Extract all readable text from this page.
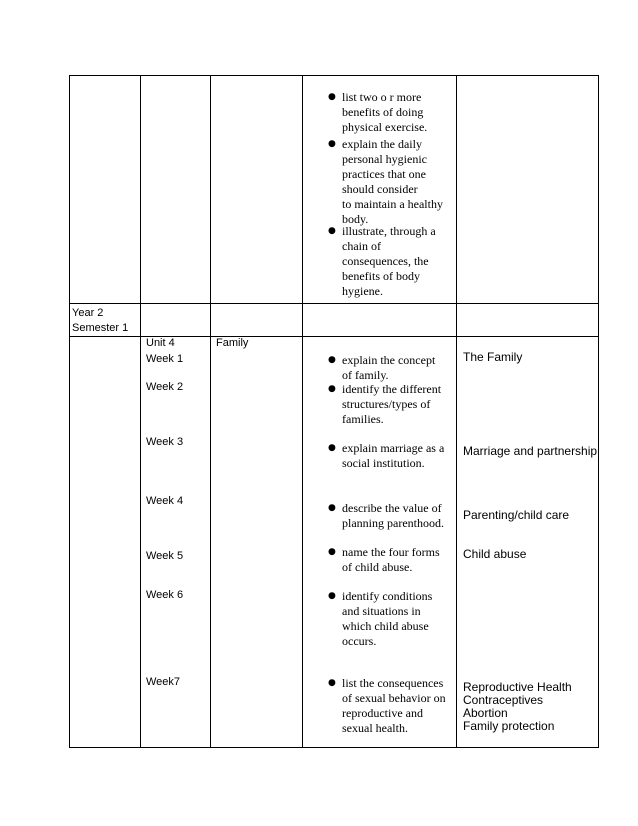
● list two o r more
benefits of doing
physical exercise.
● explain the daily
personal hygienic
practices that one
should consider
to maintain a healthy
body.
● illustrate, through a
chain of
consequences, the
benefits of body
hygiene.
Year 2
Semester 1
Unit 4	Family
Week 1
Week 2
Week 3
Week 4
Week 5
Week 6
Week7
● explain the concept
of family.
● identify the different
structures/types of
families.
● explain marriage as a
social institution.
● describe the value of
planning parenthood.
● name the four forms
of child abuse.
● identify conditions
and situations in
which child abuse
occurs.
● list the consequences
of sexual behavior on
reproductive and
sexual health.
The Family
Marriage and partnership
Parenting/child care
Child abuse
Reproductive Health
Contraceptives
Abortion
Family protection
